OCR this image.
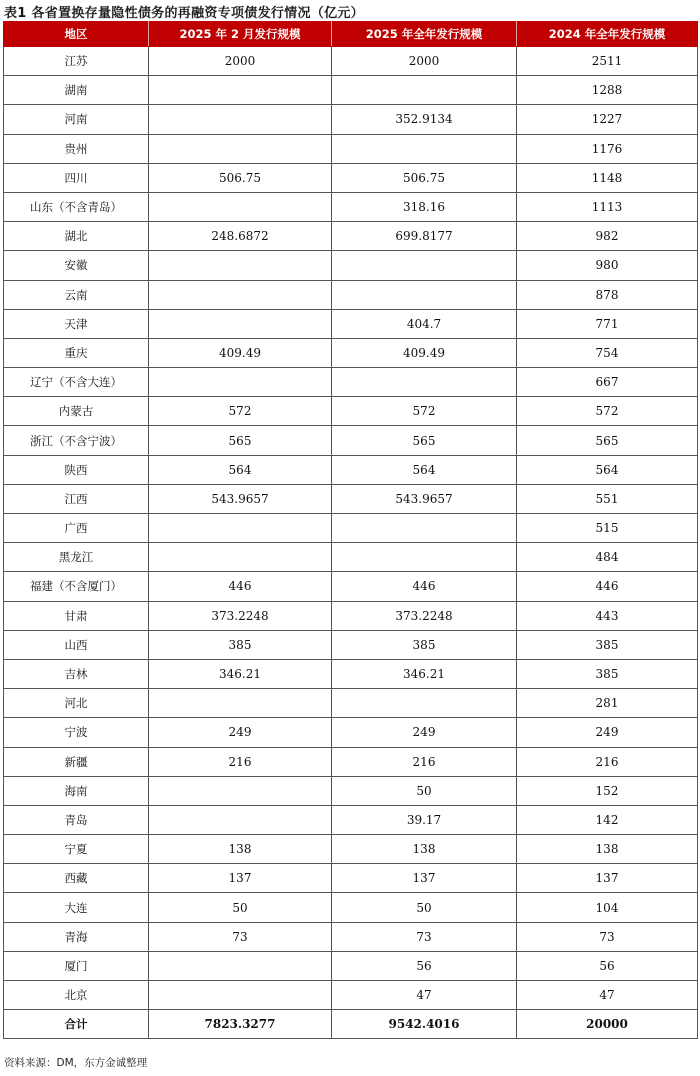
表1 各省置换存量隐性债务的再融资专项债发行情况（亿元）
地区	2025 年 2 月发行规模	2025 年全年发行规模	2024 年全年发行规模
江苏	2000	2000	2511
湖南			1288
河南		352.9134	1227
贵州			1176
四川	506.75	506.75	1148
山东（不含青岛）		318.16	1113
湖北	248.6872	699.8177	982
安徽			980
云南			878
天津		404.7	771
重庆	409.49	409.49	754
辽宁（不含大连）			667
内蒙古	572	572	572
浙江（不含宁波）	565	565	565
陕西	564	564	564
江西	543.9657	543.9657	551
广西			515
黑龙江			484
福建（不含厦门）	446	446	446
甘肃	373.2248	373.2248	443
山西	385	385	385
吉林	346.21	346.21	385
河北			281
宁波	249	249	249
新疆	216	216	216
海南		50	152
青岛		39.17	142
宁夏	138	138	138
西藏	137	137	137
大连	50	50	104
青海	73	73	73
厦门		56	56
北京		47	47
合计	7823.3277	9542.4016	20000
资料来源：DM，东方金诚整理
